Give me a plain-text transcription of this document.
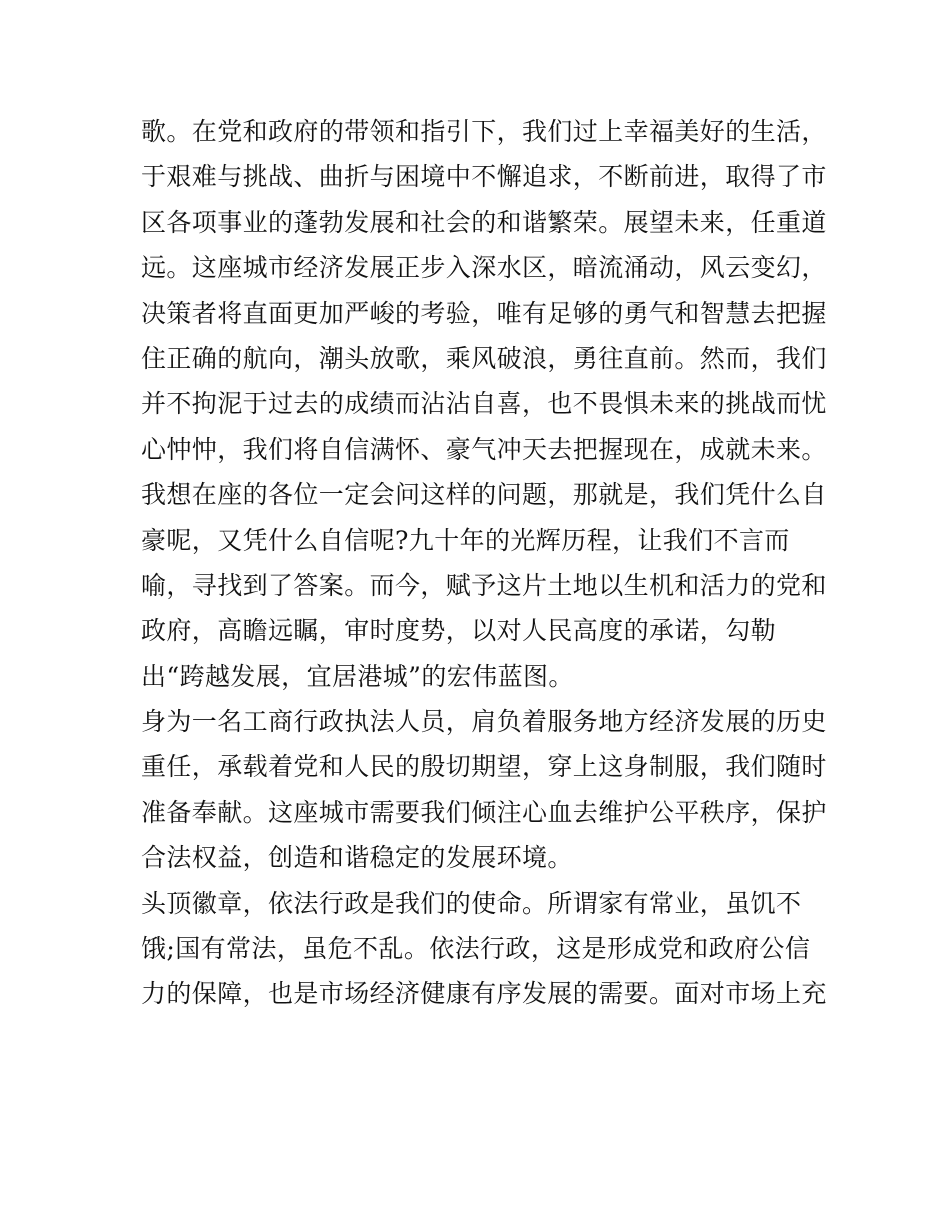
歌。在党和政府的带领和指引下，我们过上幸福美好的生活，
于艰难与挑战、曲折与困境中不懈追求，不断前进，取得了市
区各项事业的蓬勃发展和社会的和谐繁荣。展望未来，任重道
远。这座城市经济发展正步入深水区，暗流涌动，风云变幻，
决策者将直面更加严峻的考验，唯有足够的勇气和智慧去把握
住正确的航向，潮头放歌，乘风破浪，勇往直前。然而，我们
并不拘泥于过去的成绩而沾沾自喜，也不畏惧未来的挑战而忧
心忡忡，我们将自信满怀、豪气冲天去把握现在，成就未来。
我想在座的各位一定会问这样的问题，那就是，我们凭什么自
豪呢，又凭什么自信呢?九十年的光辉历程，让我们不言而
喻，寻找到了答案。而今，赋予这片土地以生机和活力的党和
政府，高瞻远瞩，审时度势，以对人民高度的承诺，勾勒
出“跨越发展，宜居港城”的宏伟蓝图。
身为一名工商行政执法人员，肩负着服务地方经济发展的历史
重任，承载着党和人民的殷切期望，穿上这身制服，我们随时
准备奉献。这座城市需要我们倾注心血去维护公平秩序，保护
合法权益，创造和谐稳定的发展环境。
头顶徽章，依法行政是我们的使命。所谓家有常业，虽饥不
饿;国有常法，虽危不乱。依法行政，这是形成党和政府公信
力的保障，也是市场经济健康有序发展的需要。面对市场上充
